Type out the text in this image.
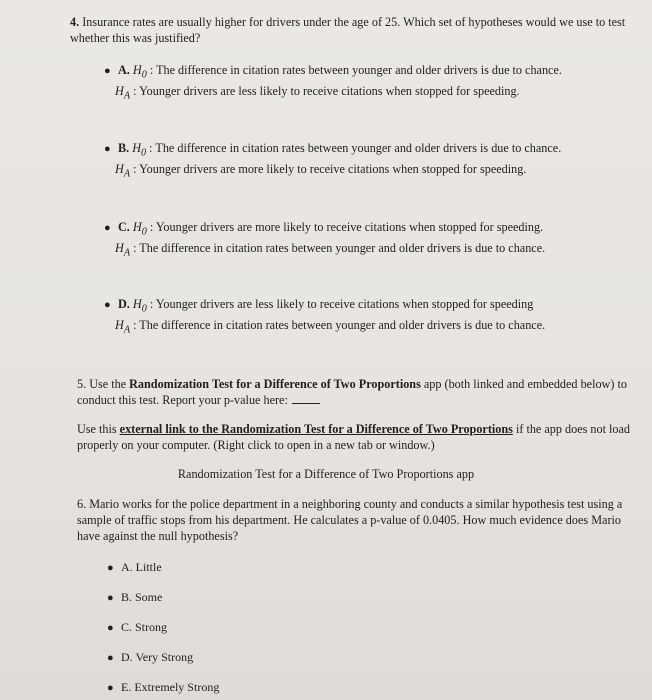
4. Insurance rates are usually higher for drivers under the age of 25. Which set of hypotheses would we use to test whether this was justified?
● A. $H_0$ : The difference in citation rates between younger and older drivers is due to chance.
$H_A$ : Younger drivers are less likely to receive citations when stopped for speeding.
● B. $H_0$ : The difference in citation rates between younger and older drivers is due to chance.
$H_A$ : Younger drivers are more likely to receive citations when stopped for speeding.
● C. $H_0$ : Younger drivers are more likely to receive citations when stopped for speeding.
$H_A$ : The difference in citation rates between younger and older drivers is due to chance.
● D. $H_0$ : Younger drivers are less likely to receive citations when stopped for speeding
$H_A$ : The difference in citation rates between younger and older drivers is due to chance.
5. Use the Randomization Test for a Difference of Two Proportions app (both linked and embedded below) to conduct this test. Report your p-value here:
Use this external link to the Randomization Test for a Difference of Two Proportions if the app does not load properly on your computer. (Right click to open in a new tab or window.)
Randomization Test for a Difference of Two Proportions app
6. Mario works for the police department in a neighboring county and conducts a similar hypothesis test using a sample of traffic stops from his department. He calculates a p-value of 0.0405. How much evidence does Mario have against the null hypothesis?
● A. Little
● B. Some
● C. Strong
● D. Very Strong
● E. Extremely Strong
